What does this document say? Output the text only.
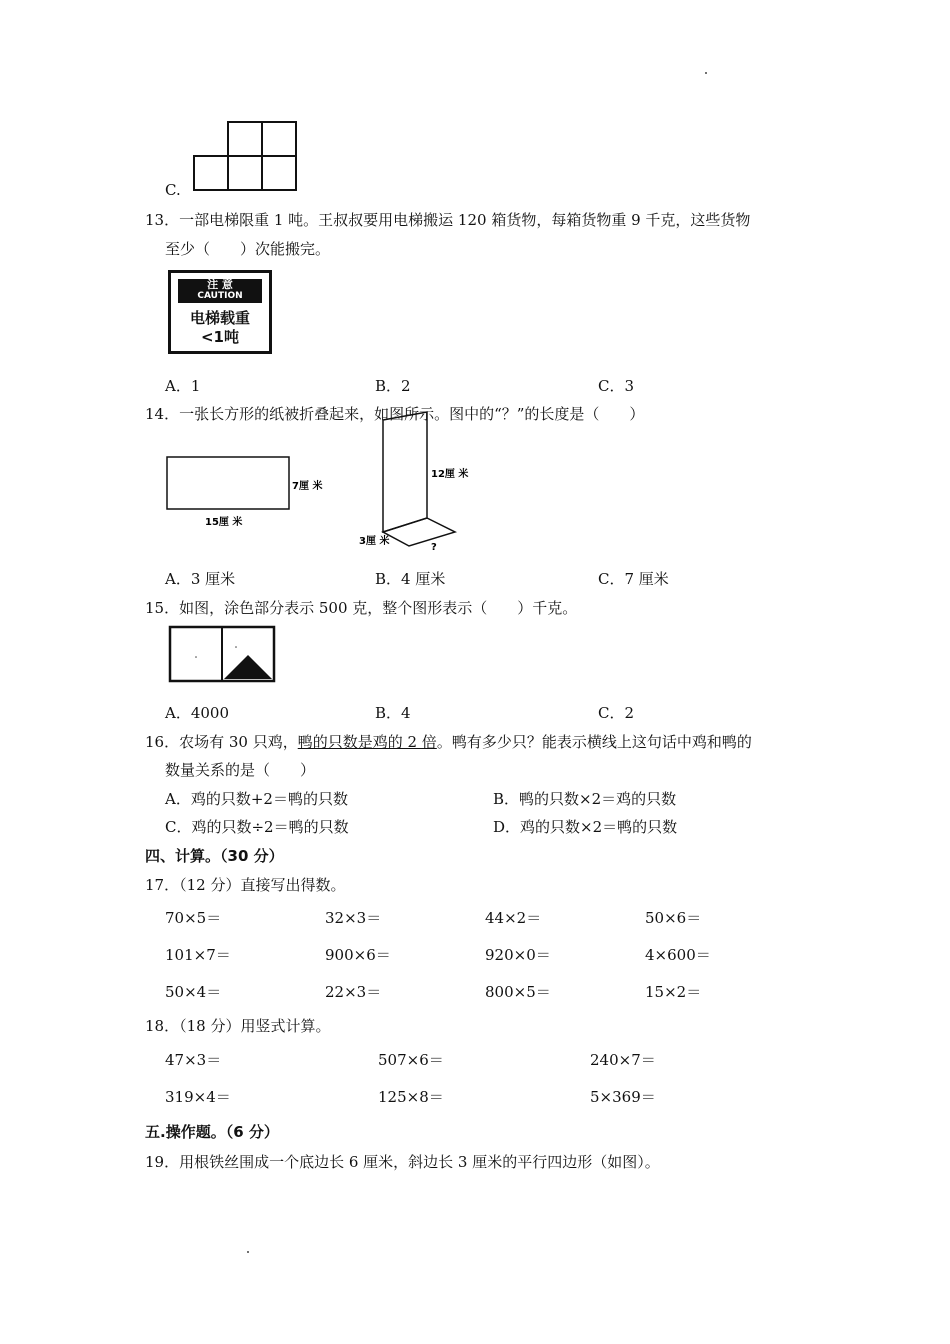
C.
13．一部电梯限重 1 吨。王叔叔要用电梯搬运 120 箱货物，每箱货物重 9 千克，这些货物
至少（　　）次能搬完。
注 意
CAUTION
电梯载重
<1吨
A．1	B．2	C．3
14．一张长方形的纸被折叠起来，如图所示。图中的“？”的长度是（　　）
15厘 米
7厘 米
12厘 米
3厘 米
?
A．3 厘米	B．4 厘米	C．7 厘米
15．如图，涂色部分表示 500 克，整个图形表示（　　）千克。
A．4000	B．4	C．2
16．农场有 30 只鸡，鸭的只数是鸡的 2 倍。鸭有多少只？能表示横线上这句话中鸡和鸭的
数量关系的是（　　）
A．鸡的只数+2＝鸭的只数	B．鸭的只数×2＝鸡的只数
C．鸡的只数÷2＝鸭的只数	D．鸡的只数×2＝鸭的只数
四、计算。（30 分）
17．（12 分）直接写出得数。
70×5＝	32×3＝	44×2＝	50×6＝
101×7＝	900×6＝	920×0＝	4×600＝
50×4＝	22×3＝	800×5＝	15×2＝
18．（18 分）用竖式计算。
47×3＝	507×6＝	240×7＝
319×4＝	125×8＝	5×369＝
五.操作题。（6 分）
19．用根铁丝围成一个底边长 6 厘米，斜边长 3 厘米的平行四边形（如图）。
